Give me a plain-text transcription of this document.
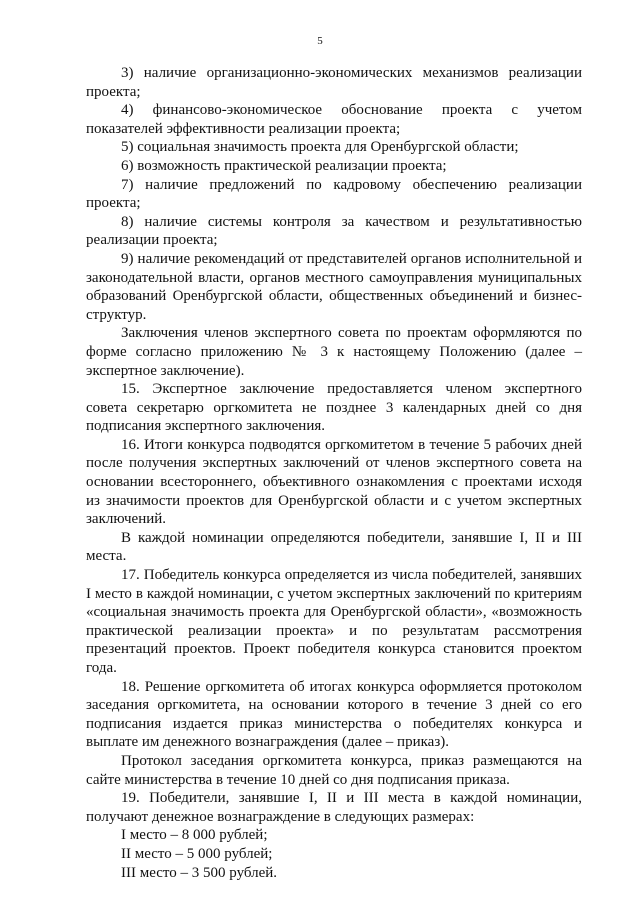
5

3) наличие организационно-экономических механизмов реализации проекта;

4) финансово-экономическое обоснование проекта с учетом показателей эффективности реализации проекта;

5) социальная значимость проекта для Оренбургской области;

6) возможность практической реализации проекта;

7) наличие предложений по кадровому обеспечению реализации проекта;

8) наличие системы контроля за качеством и результативностью реализации проекта;

9) наличие рекомендаций от представителей органов исполнительной и законодательной власти, органов местного самоуправления муниципальных образований Оренбургской области, общественных объединений и бизнес-структур.

Заключения членов экспертного совета по проектам оформляются по форме согласно приложению № 3 к настоящему Положению (далее – экспертное заключение).

15. Экспертное заключение предоставляется членом экспертного совета секретарю оргкомитета не позднее 3 календарных дней со дня подписания экспертного заключения.

16. Итоги конкурса подводятся оргкомитетом в течение 5 рабочих дней после получения экспертных заключений от членов экспертного совета на основании всестороннего, объективного ознакомления с проектами исходя из значимости проектов для Оренбургской области и с учетом экспертных заключений.

В каждой номинации определяются победители, занявшие I, II и III места.

17. Победитель конкурса определяется из числа победителей, занявших I место в каждой номинации, с учетом экспертных заключений по критериям «социальная значимость проекта для Оренбургской области», «возможность практической реализации проекта» и по результатам рассмотрения презентаций проектов. Проект победителя конкурса становится проектом года.

18. Решение оргкомитета об итогах конкурса оформляется протоколом заседания оргкомитета, на основании которого в течение 3 дней со его подписания издается приказ министерства о победителях конкурса и выплате им денежного вознаграждения (далее – приказ).

Протокол заседания оргкомитета конкурса, приказ размещаются на сайте министерства в течение 10 дней со дня подписания приказа.

19. Победители, занявшие I, II и III места в каждой номинации, получают денежное вознаграждение в следующих размерах:

I место – 8 000 рублей;

II место – 5 000 рублей;

III место – 3 500 рублей.
